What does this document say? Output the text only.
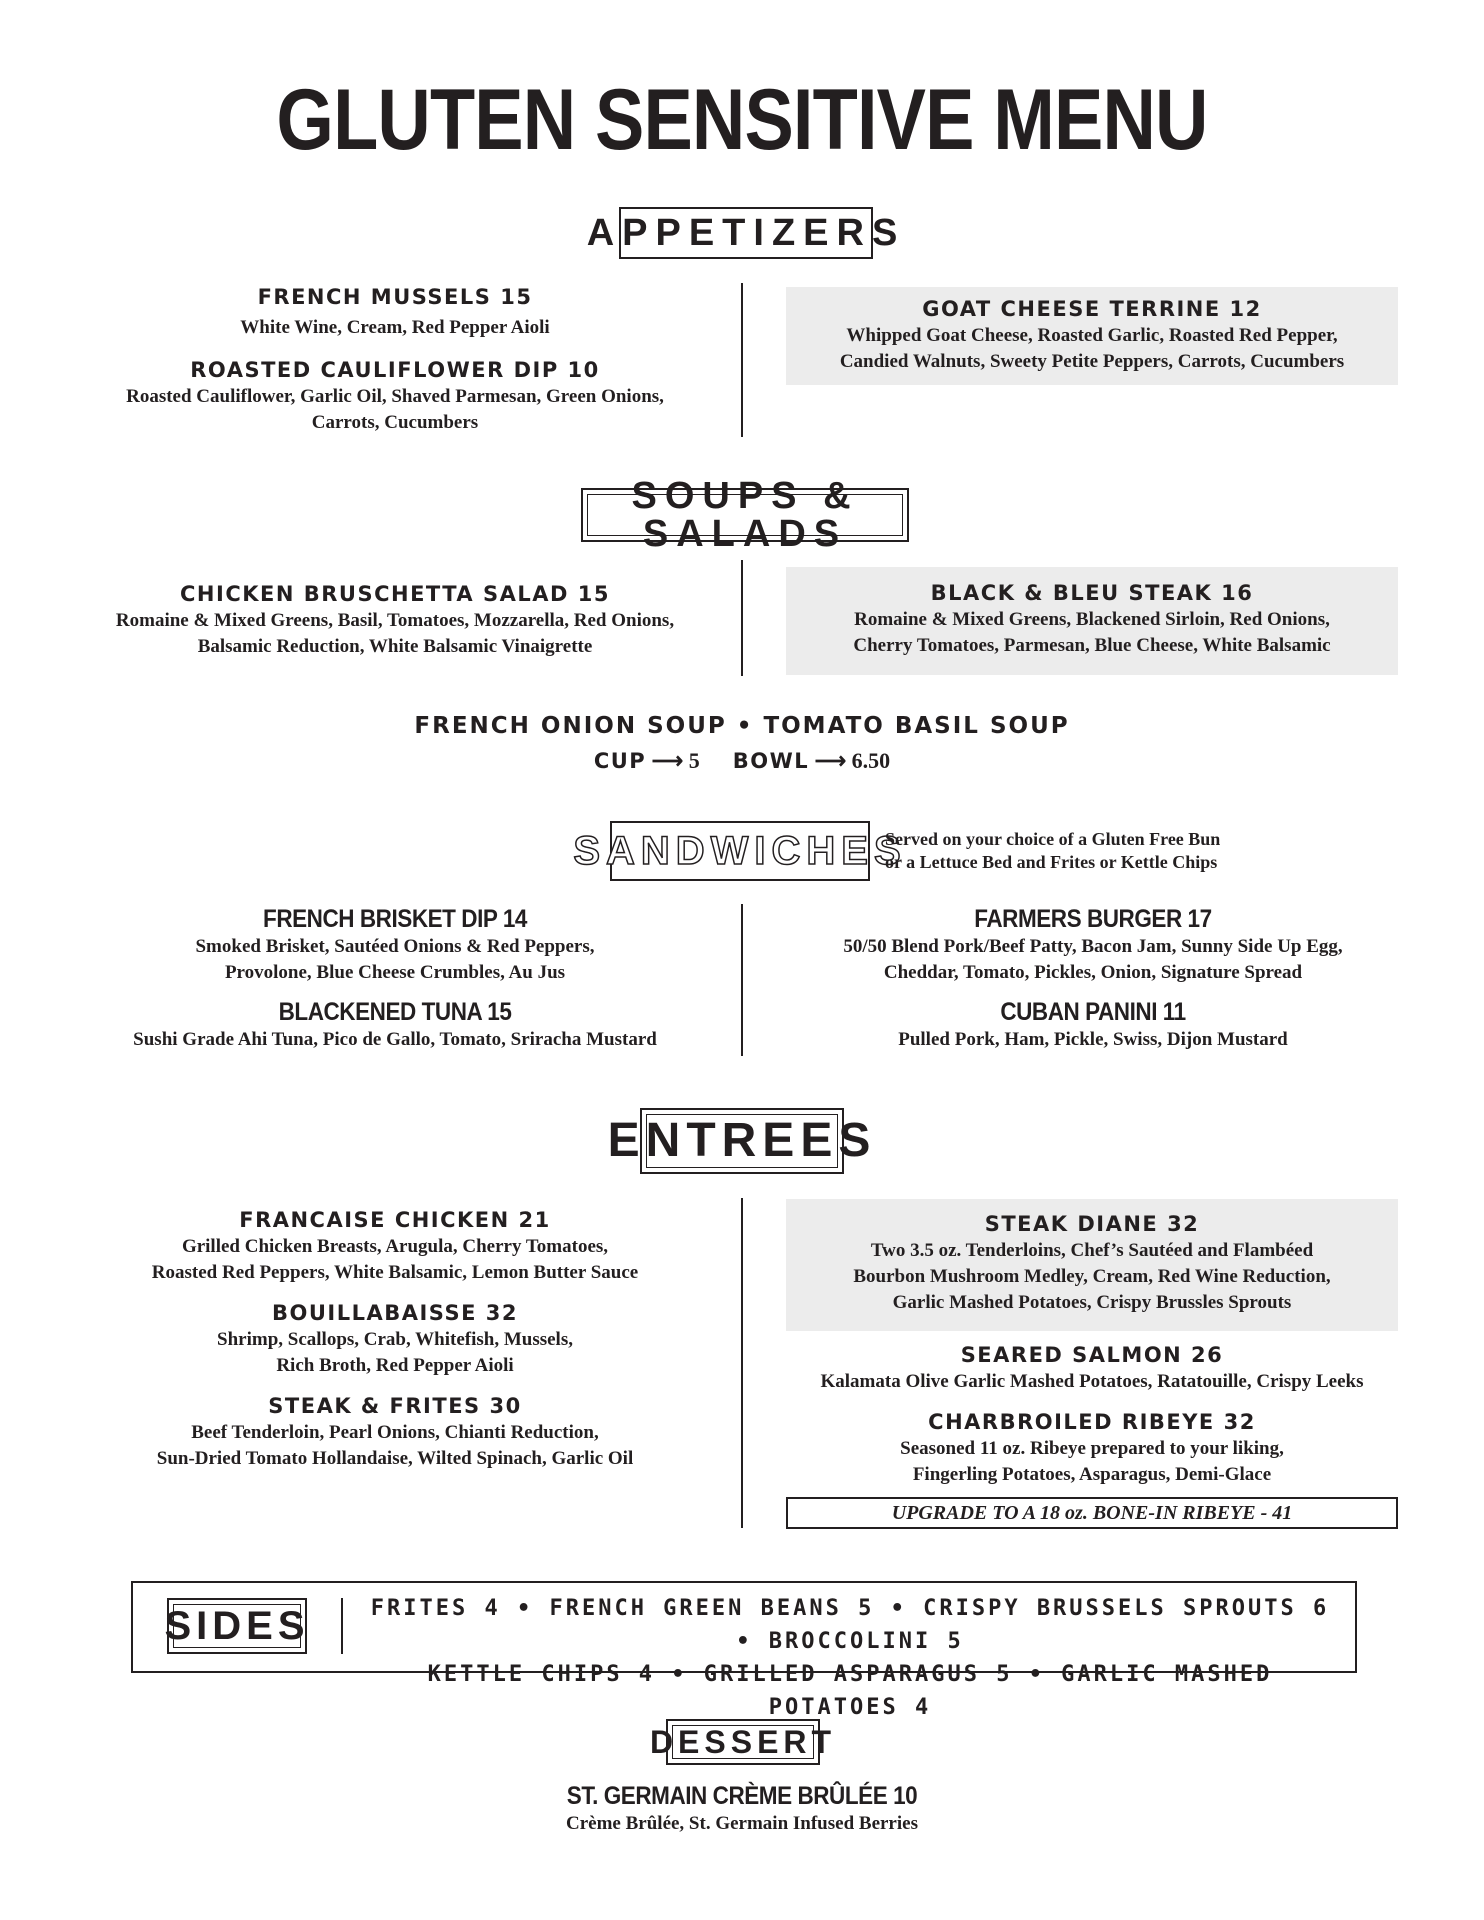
GLUTEN SENSITIVE MENU
APPETIZERS
FRENCH MUSSELS 15
White Wine, Cream, Red Pepper Aioli
ROASTED CAULIFLOWER DIP 10
Roasted Cauliflower, Garlic Oil, Shaved Parmesan, Green Onions,
Carrots, Cucumbers
GOAT CHEESE TERRINE 12
Whipped Goat Cheese, Roasted Garlic, Roasted Red Pepper,
Candied Walnuts, Sweety Petite Peppers, Carrots, Cucumbers
SOUPS & SALADS
CHICKEN BRUSCHETTA SALAD 15
Romaine & Mixed Greens, Basil, Tomatoes, Mozzarella, Red Onions,
Balsamic Reduction, White Balsamic Vinaigrette
BLACK & BLEU STEAK 16
Romaine & Mixed Greens, Blackened Sirloin, Red Onions,
Cherry Tomatoes, Parmesan, Blue Cheese, White Balsamic
FRENCH ONION SOUP • TOMATO BASIL SOUP
CUP ⟶ 5 BOWL ⟶ 6.50
SANDWICHES
Served on your choice of a Gluten Free Bun
or a Lettuce Bed and Frites or Kettle Chips
FRENCH BRISKET DIP 14
Smoked Brisket, Sautéed Onions & Red Peppers,
Provolone, Blue Cheese Crumbles, Au Jus
BLACKENED TUNA 15
Sushi Grade Ahi Tuna, Pico de Gallo, Tomato, Sriracha Mustard
FARMERS BURGER 17
50/50 Blend Pork/Beef Patty, Bacon Jam, Sunny Side Up Egg,
Cheddar, Tomato, Pickles, Onion, Signature Spread
CUBAN PANINI 11
Pulled Pork, Ham, Pickle, Swiss, Dijon Mustard
ENTREES
FRANCAISE CHICKEN 21
Grilled Chicken Breasts, Arugula, Cherry Tomatoes,
Roasted Red Peppers, White Balsamic, Lemon Butter Sauce
BOUILLABAISSE 32
Shrimp, Scallops, Crab, Whitefish, Mussels,
Rich Broth, Red Pepper Aioli
STEAK & FRITES 30
Beef Tenderloin, Pearl Onions, Chianti Reduction,
Sun-Dried Tomato Hollandaise, Wilted Spinach, Garlic Oil
STEAK DIANE 32
Two 3.5 oz. Tenderloins, Chef’s Sautéed and Flambéed
Bourbon Mushroom Medley, Cream, Red Wine Reduction,
Garlic Mashed Potatoes, Crispy Brussles Sprouts
SEARED SALMON 26
Kalamata Olive Garlic Mashed Potatoes, Ratatouille, Crispy Leeks
CHARBROILED RIBEYE 32
Seasoned 11 oz. Ribeye prepared to your liking,
Fingerling Potatoes, Asparagus, Demi-Glace
UPGRADE TO A 18 oz. BONE-IN RIBEYE - 41
SIDES	FRITES 4 • FRENCH GREEN BEANS 5 • CRISPY BRUSSELS SPROUTS 6 • BROCCOLINI 5
KETTLE CHIPS 4 • GRILLED ASPARAGUS 5 • GARLIC MASHED POTATOES 4
DESSERT
ST. GERMAIN CRÈME BRÛLÉE 10
Crème Brûlée, St. Germain Infused Berries
